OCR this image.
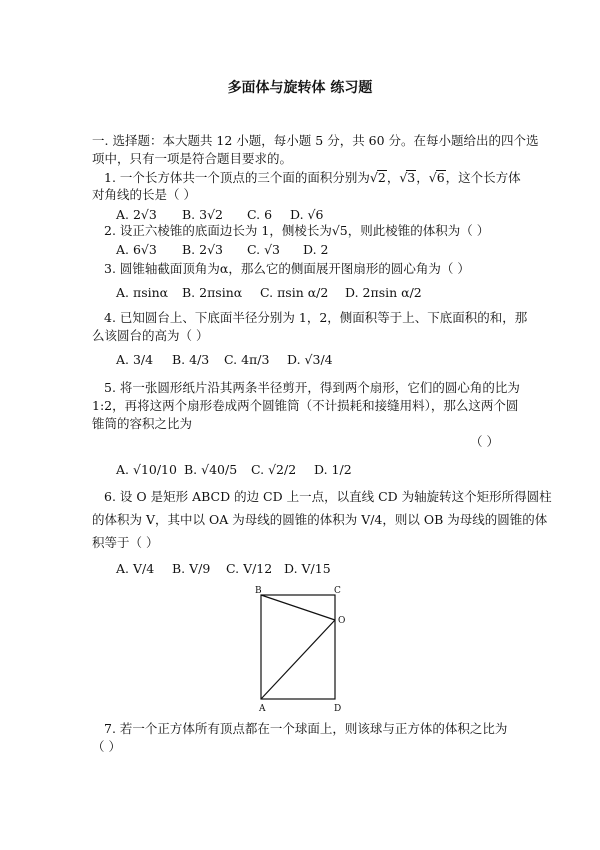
多面体与旋转体 练习题
一. 选择题：本大题共 12 小题，每小题 5 分，共 60 分。在每小题给出的四个选
项中，只有一项是符合题目要求的。
1. 一个长方体共一个顶点的三个面的面积分别为√2，√3，√6，这个长方体
对角线的长是（ ）
A. 2√3 B. 3√2 C. 6 D. √6
2. 设正六棱锥的底面边长为 1，侧棱长为√5，则此棱锥的体积为（ ）
A. 6√3 B. 2√3 C. √3 D. 2
3. 圆锥轴截面顶角为α，那么它的侧面展开图扇形的圆心角为（ ）
A. πsinα B. 2πsinα C. πsin α/2 D. 2πsin α/2
4. 已知圆台上、下底面半径分别为 1，2，侧面积等于上、下底面积的和，那
么该圆台的高为（ ）
A. 3/4 B. 4/3 C. 4π/3 D. √3/4
5. 将一张圆形纸片沿其两条半径剪开，得到两个扇形，它们的圆心角的比为
1:2，再将这两个扇形卷成两个圆锥筒（不计损耗和接缝用料），那么这两个圆
锥筒的容积之比为
（ ）
A. √10/10 B. √40/5 C. √2/2 D. 1/2
6. 设 O 是矩形 ABCD 的边 CD 上一点，以直线 CD 为轴旋转这个矩形所得圆柱
的体积为 V，其中以 OA 为母线的圆锥的体积为 V/4，则以 OB 为母线的圆锥的体
积等于（ ）
A. V/4 B. V/9 C. V/12 D. V/15
B	C
O
A	D
7. 若一个正方体所有顶点都在一个球面上，则该球与正方体的体积之比为
（ ）
